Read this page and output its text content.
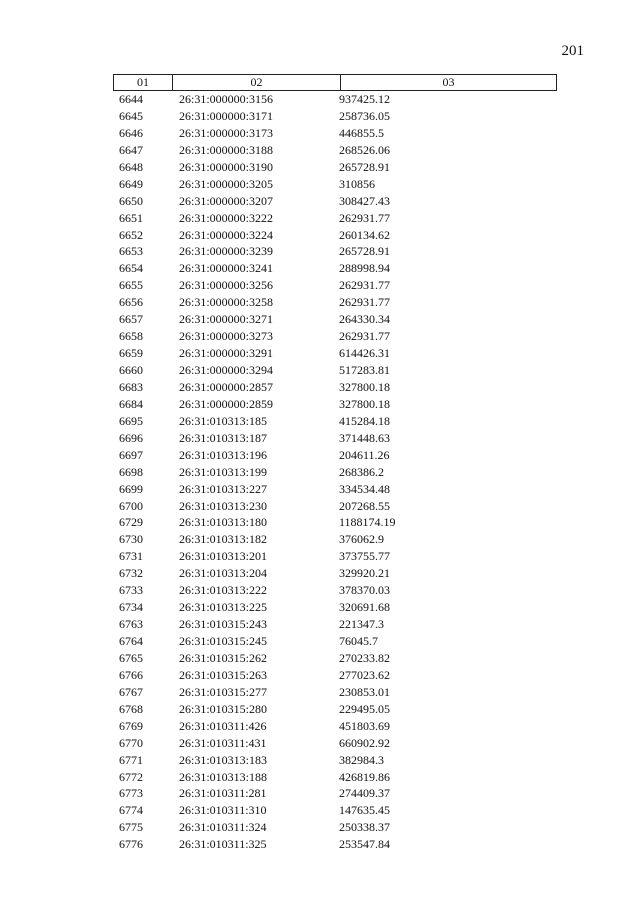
201
01	02	03
6644	26:31:000000:3156	937425.12
6645	26:31:000000:3171	258736.05
6646	26:31:000000:3173	446855.5
6647	26:31:000000:3188	268526.06
6648	26:31:000000:3190	265728.91
6649	26:31:000000:3205	310856
6650	26:31:000000:3207	308427.43
6651	26:31:000000:3222	262931.77
6652	26:31:000000:3224	260134.62
6653	26:31:000000:3239	265728.91
6654	26:31:000000:3241	288998.94
6655	26:31:000000:3256	262931.77
6656	26:31:000000:3258	262931.77
6657	26:31:000000:3271	264330.34
6658	26:31:000000:3273	262931.77
6659	26:31:000000:3291	614426.31
6660	26:31:000000:3294	517283.81
6683	26:31:000000:2857	327800.18
6684	26:31:000000:2859	327800.18
6695	26:31:010313:185	415284.18
6696	26:31:010313:187	371448.63
6697	26:31:010313:196	204611.26
6698	26:31:010313:199	268386.2
6699	26:31:010313:227	334534.48
6700	26:31:010313:230	207268.55
6729	26:31:010313:180	1188174.19
6730	26:31:010313:182	376062.9
6731	26:31:010313:201	373755.77
6732	26:31:010313:204	329920.21
6733	26:31:010313:222	378370.03
6734	26:31:010313:225	320691.68
6763	26:31:010315:243	221347.3
6764	26:31:010315:245	76045.7
6765	26:31:010315:262	270233.82
6766	26:31:010315:263	277023.62
6767	26:31:010315:277	230853.01
6768	26:31:010315:280	229495.05
6769	26:31:010311:426	451803.69
6770	26:31:010311:431	660902.92
6771	26:31:010313:183	382984.3
6772	26:31:010313:188	426819.86
6773	26:31:010311:281	274409.37
6774	26:31:010311:310	147635.45
6775	26:31:010311:324	250338.37
6776	26:31:010311:325	253547.84
